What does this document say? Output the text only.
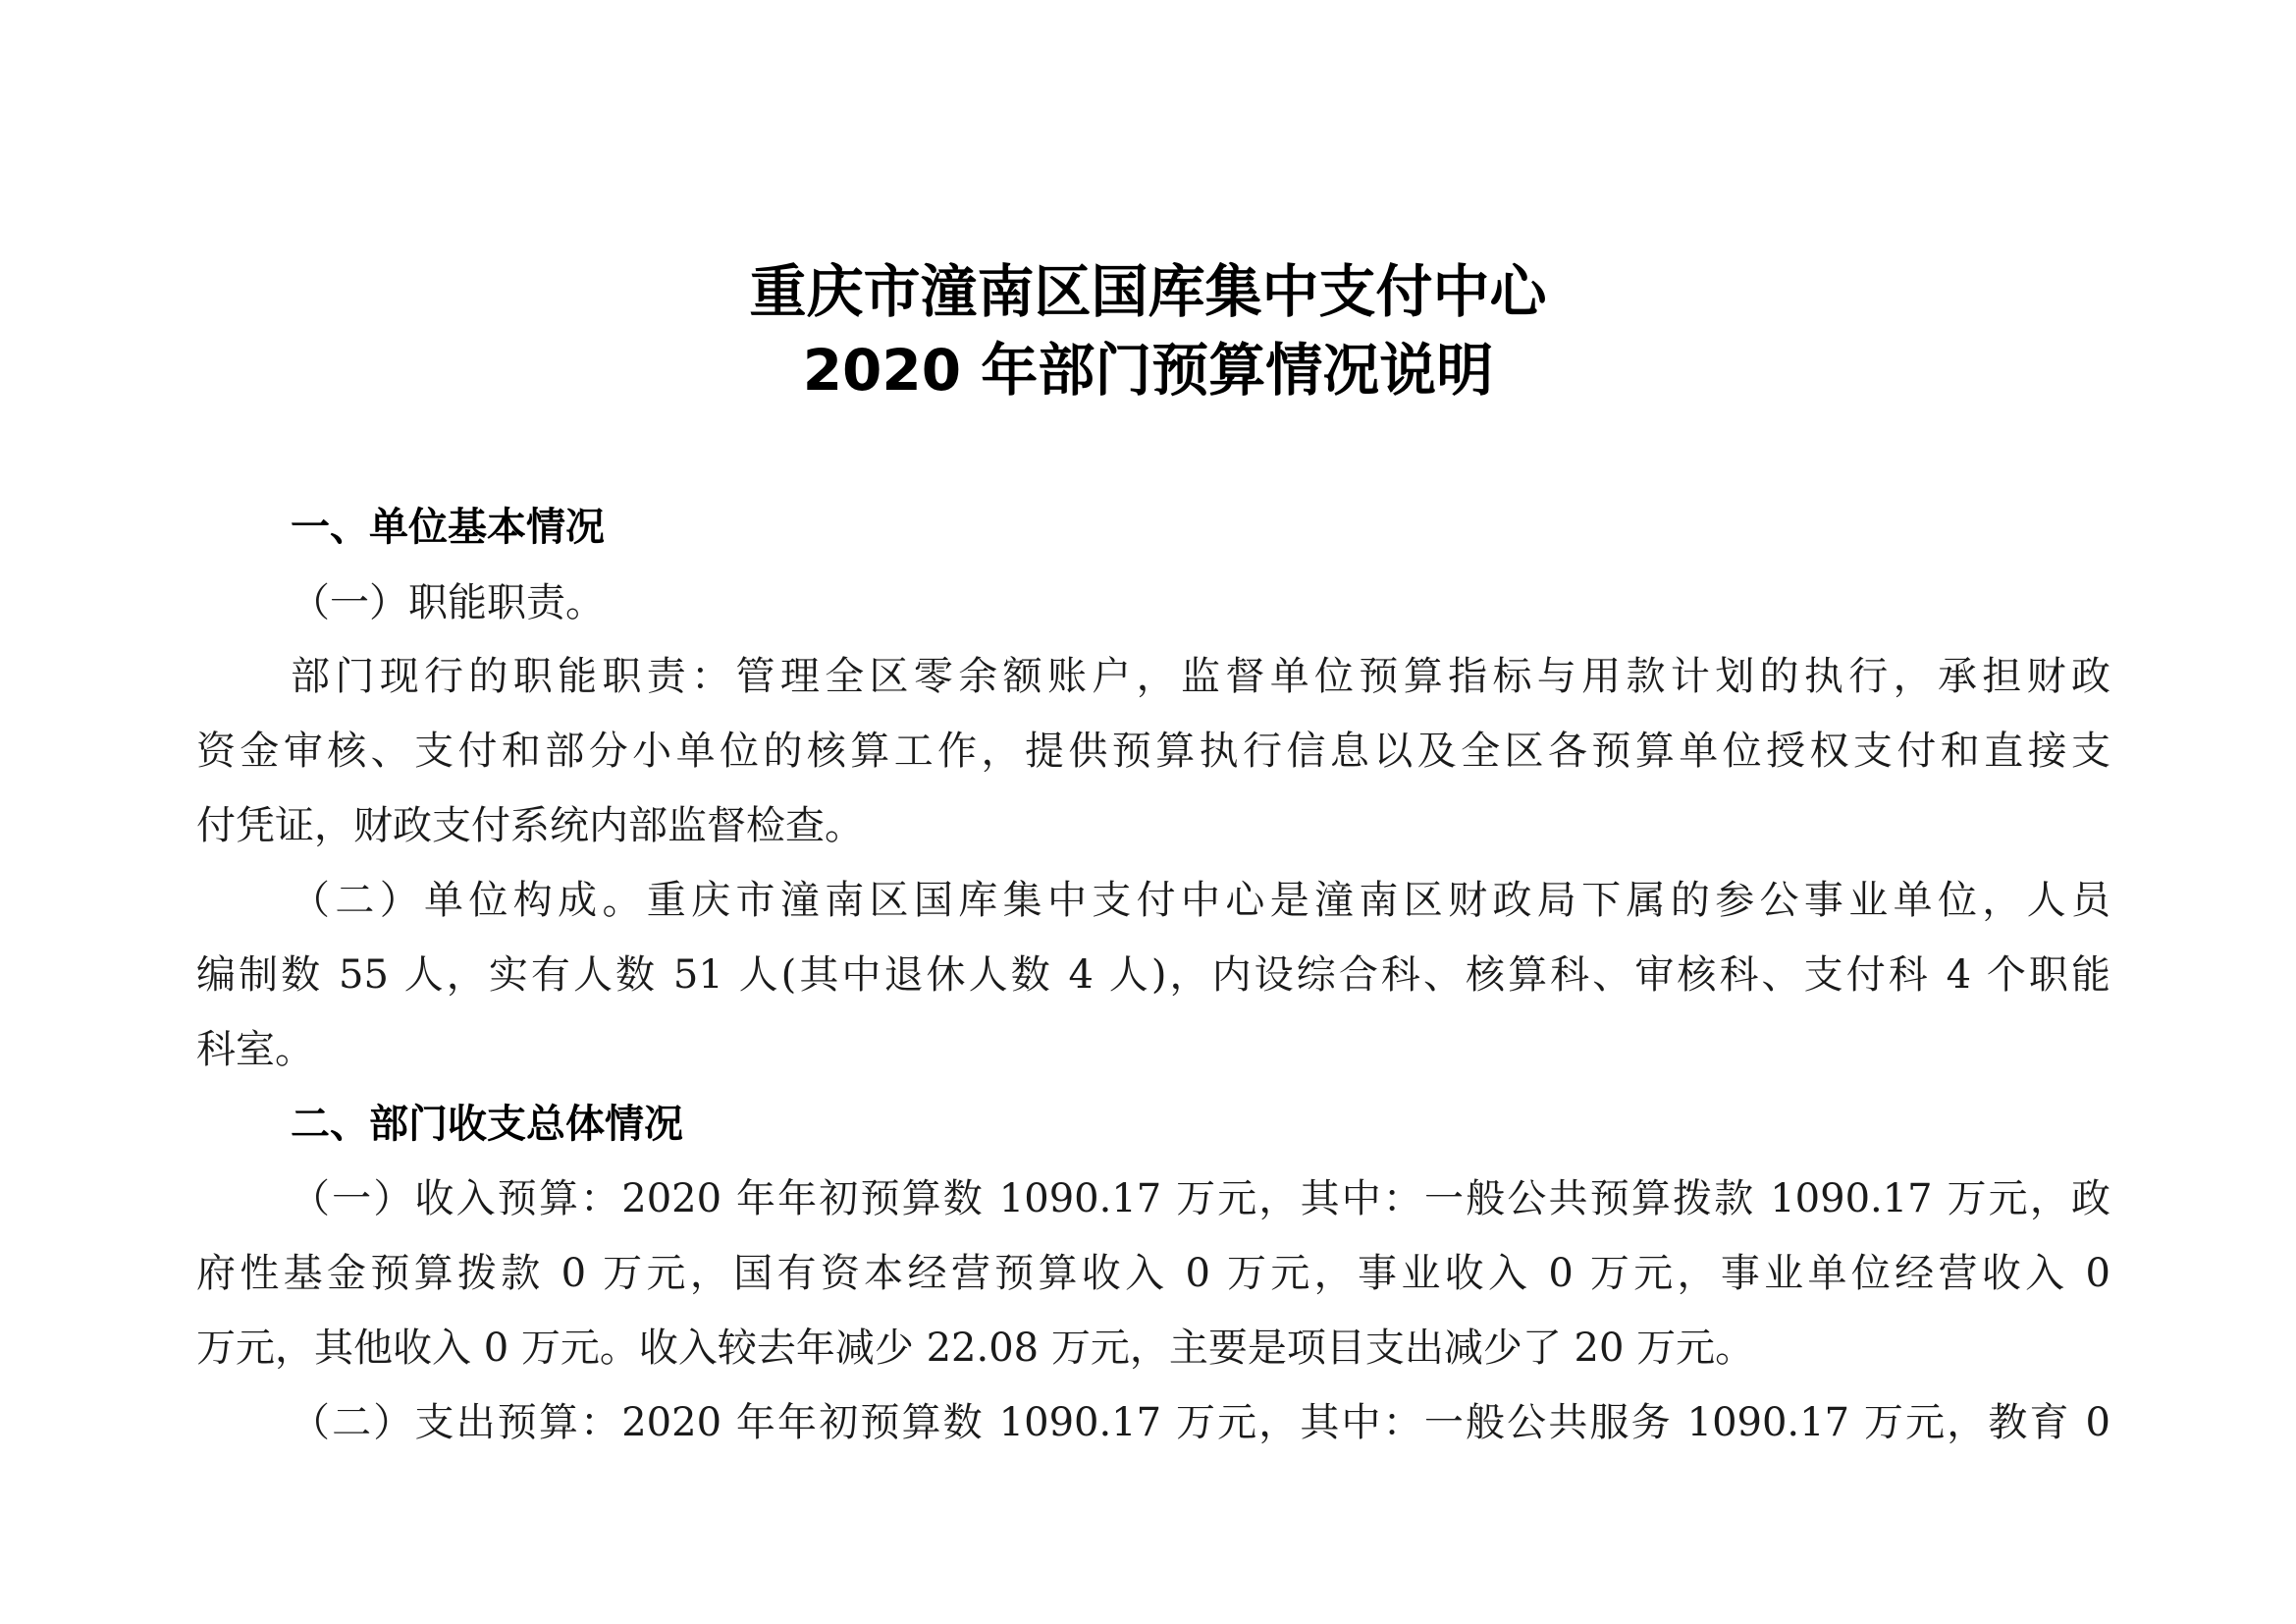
重庆市潼南区国库集中支付中心
2020 年部门预算情况说明
一、单位基本情况
（一）职能职责。
部门现行的职能职责：管理全区零余额账户，监督单位预算指标与用款计划的执行，承担财政
资金审核、支付和部分小单位的核算工作，提供预算执行信息以及全区各预算单位授权支付和直接支
付凭证，财政支付系统内部监督检查。
（二）单位构成。重庆市潼南区国库集中支付中心是潼南区财政局下属的参公事业单位，人员
编制数 55 人，实有人数 51 人(其中退休人数 4 人)，内设综合科、核算科、审核科、支付科 4 个职能
科室。
二、部门收支总体情况
（一）收入预算：2020 年年初预算数 1090.17 万元，其中：一般公共预算拨款 1090.17 万元，政
府性基金预算拨款 0 万元，国有资本经营预算收入 0 万元，事业收入 0 万元，事业单位经营收入 0
万元，其他收入 0 万元。收入较去年减少 22.08 万元，主要是项目支出减少了 20 万元。
（二）支出预算：2020 年年初预算数 1090.17 万元，其中：一般公共服务 1090.17 万元，教育 0
